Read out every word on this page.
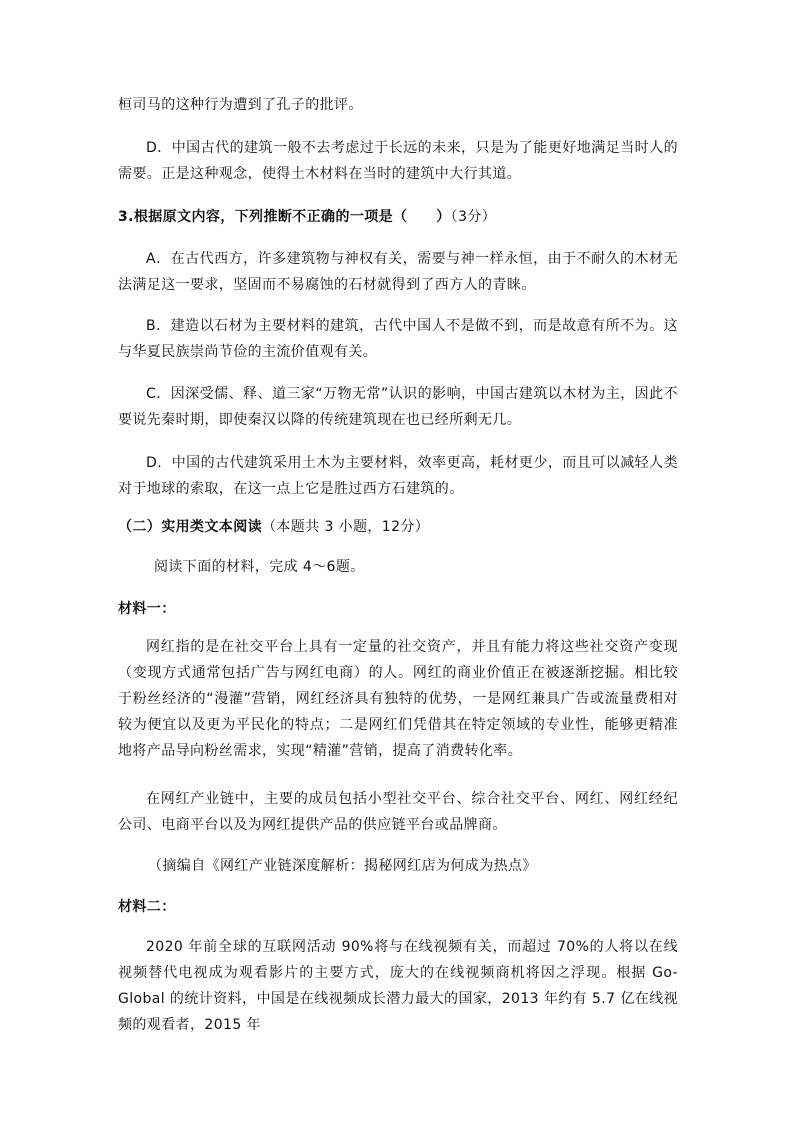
桓司马的这种行为遭到了孔子的批评。

D．中国古代的建筑一般不去考虑过于长远的未来，只是为了能更好地满足当时人的需要。正是这种观念，使得土木材料在当时的建筑中大行其道。

3.根据原文内容，下列推断不正确的一项是（　　）（3分）

A．在古代西方，许多建筑物与神权有关，需要与神一样永恒，由于不耐久的木材无法满足这一要求，坚固而不易腐蚀的石材就得到了西方人的青睐。

B．建造以石材为主要材料的建筑，古代中国人不是做不到，而是故意有所不为。这与华夏民族崇尚节俭的主流价值观有关。

C．因深受儒、释、道三家“万物无常”认识的影响，中国古建筑以木材为主，因此不要说先秦时期，即使秦汉以降的传统建筑现在也已经所剩无几。

D．中国的古代建筑采用土木为主要材料，效率更高，耗材更少，而且可以减轻人类对于地球的索取，在这一点上它是胜过西方石建筑的。

（二）实用类文本阅读（本题共 3 小题，12分）

阅读下面的材料，完成 4～6题。

材料一：

网红指的是在社交平台上具有一定量的社交资产，并且有能力将这些社交资产变现（变现方式通常包括广告与网红电商）的人。网红的商业价值正在被逐渐挖掘。相比较于粉丝经济的“漫灌”营销，网红经济具有独特的优势，一是网红兼具广告或流量费相对较为便宜以及更为平民化的特点；二是网红们凭借其在特定领域的专业性，能够更精准地将产品导向粉丝需求，实现“精灌”营销，提高了消费转化率。

在网红产业链中，主要的成员包括小型社交平台、综合社交平台、网红、网红经纪公司、电商平台以及为网红提供产品的供应链平台或品牌商。

（摘编自《网红产业链深度解析：揭秘网红店为何成为热点》

材料二：

2020 年前全球的互联网活动 90%将与在线视频有关，而超过 70%的人将以在线视频替代电视成为观看影片的主要方式，庞大的在线视频商机将因之浮现。根据 Go-Global 的统计资料，中国是在线视频成长潜力最大的国家，2013 年约有 5.7 亿在线视频的观看者，2015 年
